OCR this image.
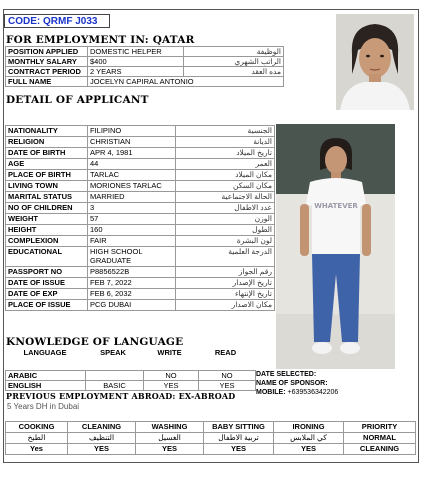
CODE: QRMF J033
FOR EMPLOYMENT IN: QATAR
POSITION APPLIED	DOMESTIC HELPER	الوظيفة
MONTHLY SALARY	$400	الراتب الشهري
CONTRACT PERIOD	2 YEARS	مده العقد
FULL NAME	JOCELYN CAPIRAL ANTONIO	
DETAIL OF APPLICANT
NATIONALITY	FILIPINO	الجنسية
RELIGION	CHRISTIAN	الديانة
DATE OF BIRTH	APR 4, 1981	تاريخ الميلاد
AGE	44	العمر
PLACE OF BIRTH	TARLAC	مكان الميلاد
LIVING TOWN	MORIONES TARLAC	مكان السكن
MARITAL STATUS	MARRIED	الحالة الاجتماعية
NO OF CHILDREN	3	عدد الاطفال
WEIGHT	57	الوزن
HEIGHT	160	الطول
COMPLEXION	FAIR	لون البشرة
EDUCATIONAL	HIGH SCHOOL GRADUATE	الدرجة العلمية
PASSPORT NO	P8856522B	رقم الجواز
DATE OF ISSUE	FEB 7, 2022	تاريخ الإصدار
DATE OF EXP	FEB 6, 2032	تاريخ الإنتهاء
PLACE OF ISSUE	PCG DUBAI	مكان الاصدار
WHATEVER
KNOWLEDGE OF LANGUAGE
LANGUAGE	SPEAK	WRITE	READ
ARABIC		NO	NO
ENGLISH	BASIC	YES	YES
DATE SELECTED:
NAME OF SPONSOR:
MOBILE: +639536342206
PREVIOUS EMPLOYMENT ABROAD: EX-ABROAD
5 Years DH in Dubai
COOKING	CLEANING	WASHING	BABY SITTING	IRONING	PRIORITY
الطبخ	التنظيف	الغسيل	تربية الاطفال	كي الملابس	NORMAL
Yes	YES	YES	YES	YES	CLEANING
